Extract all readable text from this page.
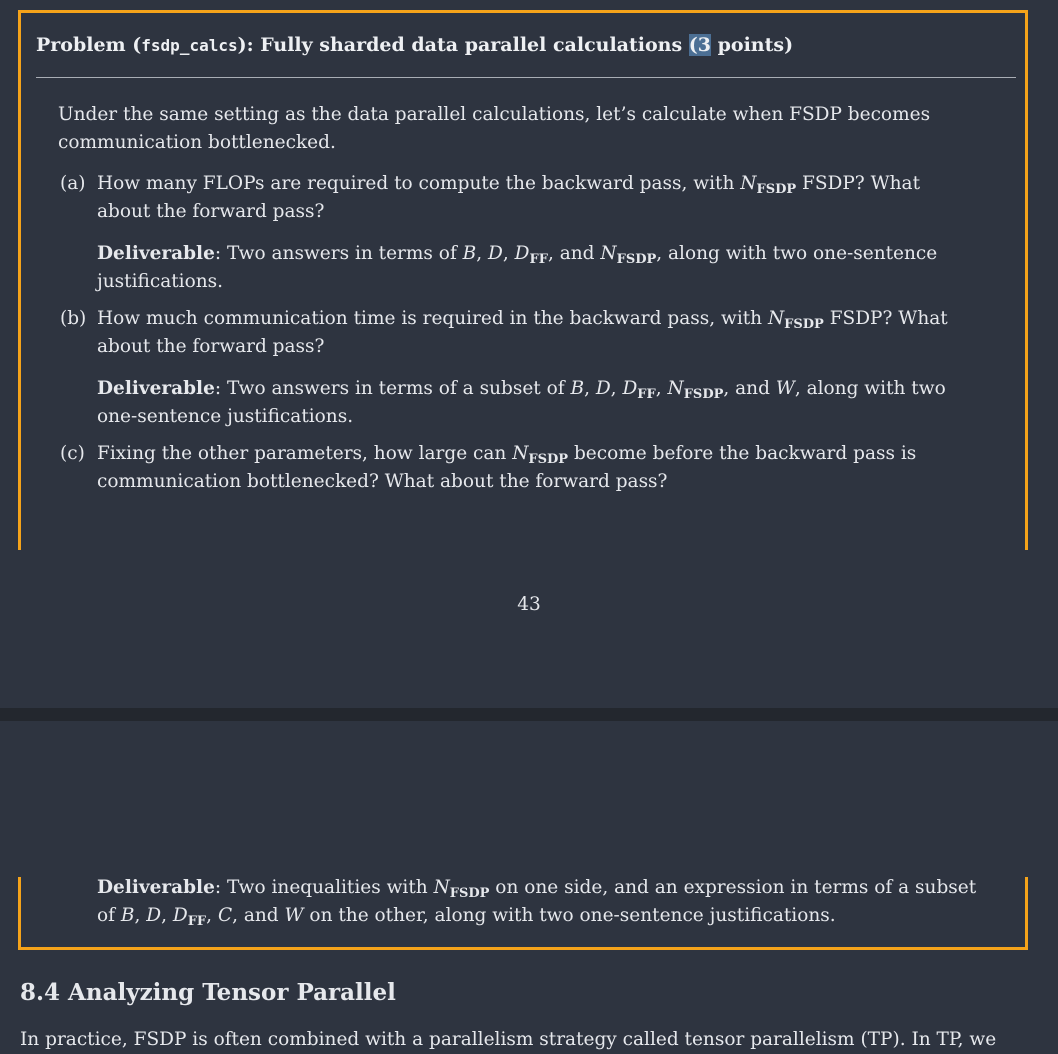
Problem (fsdp_calcs): Fully sharded data parallel calculations (3 points)
Under the same setting as the data parallel calculations, let’s calculate when FSDP becomes
communication bottlenecked.
(a) How many FLOPs are required to compute the backward pass, with $N_{FSDP}$ FSDP? What
about the forward pass?
Deliverable: Two answers in terms of B, D, $D_{FF}$, and $N_{FSDP}$, along with two one-sentence
justifications.
(b) How much communication time is required in the backward pass, with $N_{FSDP}$ FSDP? What
about the forward pass?
Deliverable: Two answers in terms of a subset of B, D, $D_{FF}$, $N_{FSDP}$, and W, along with two
one-sentence justifications.
(c) Fixing the other parameters, how large can $N_{FSDP}$ become before the backward pass is
communication bottlenecked? What about the forward pass?
43
Deliverable: Two inequalities with $N_{FSDP}$ on one side, and an expression in terms of a subset
of B, D, $D_{FF}$, C, and W on the other, along with two one-sentence justifications.
8.4 Analyzing Tensor Parallel
In practice, FSDP is often combined with a parallelism strategy called tensor parallelism (TP). In TP, we
